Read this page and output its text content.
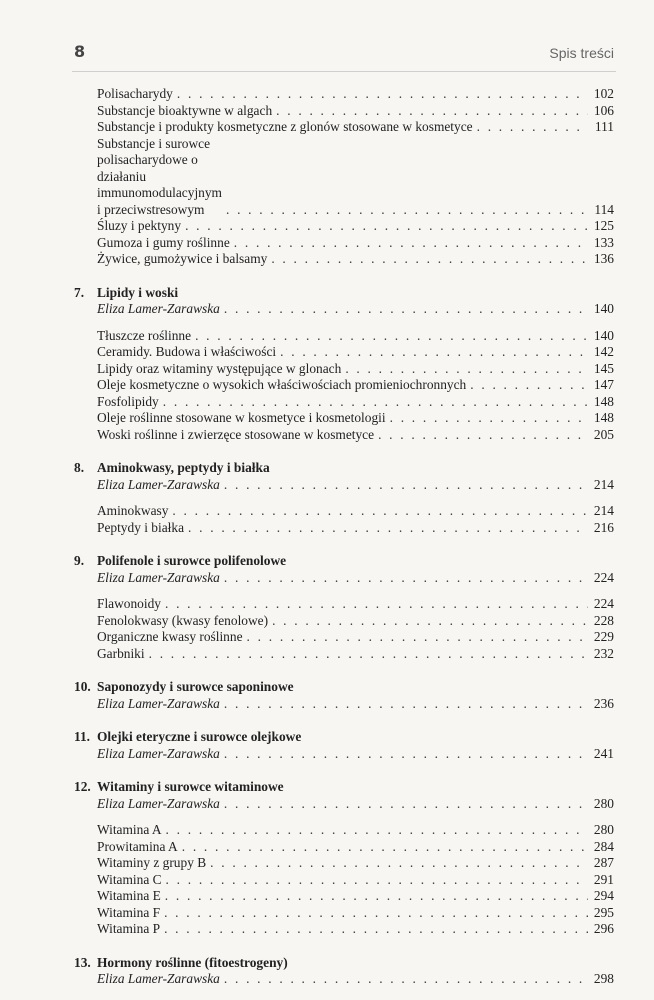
8	Spis treści
Polisacharydy . . .	102
Substancje bioaktywne w algach . . .	106
Substancje i produkty kosmetyczne z glonów stosowane w kosmetyce . . .	111
Substancje i surowce polisacharydowe o działaniu immunomodulacyjnym
i przeciwstresowym . . .	114
Śluzy i pektyny . . .	125
Gumoza i gumy roślinne . . .	133
Żywice, gumożywice i balsamy . . .	136
7. Lipidy i woski
Eliza Lamer-Zarawska . . .	140
Tłuszcze roślinne . . .	140
Ceramidy. Budowa i właściwości . . .	142
Lipidy oraz witaminy występujące w glonach . . .	145
Oleje kosmetyczne o wysokich właściwościach promieniochronnych . . .	147
Fosfolipidy . . .	148
Oleje roślinne stosowane w kosmetyce i kosmetologii . . .	148
Woski roślinne i zwierzęce stosowane w kosmetyce . . .	205
8. Aminokwasy, peptydy i białka
Eliza Lamer-Zarawska . . .	214
Aminokwasy . . .	214
Peptydy i białka . . .	216
9. Polifenole i surowce polifenolowe
Eliza Lamer-Zarawska . . .	224
Flawonoidy . . .	224
Fenolokwasy (kwasy fenolowe) . . .	228
Organiczne kwasy roślinne . . .	229
Garbniki . . .	232
10. Saponozydy i surowce saponinowe
Eliza Lamer-Zarawska . . .	236
11. Olejki eteryczne i surowce olejkowe
Eliza Lamer-Zarawska . . .	241
12. Witaminy i surowce witaminowe
Eliza Lamer-Zarawska . . .	280
Witamina A . . .	280
Prowitamina A . . .	284
Witaminy z grupy B . . .	287
Witamina C . . .	291
Witamina E . . .	294
Witamina F . . .	295
Witamina P . . .	296
13. Hormony roślinne (fitoestrogeny)
Eliza Lamer-Zarawska . . .	298
